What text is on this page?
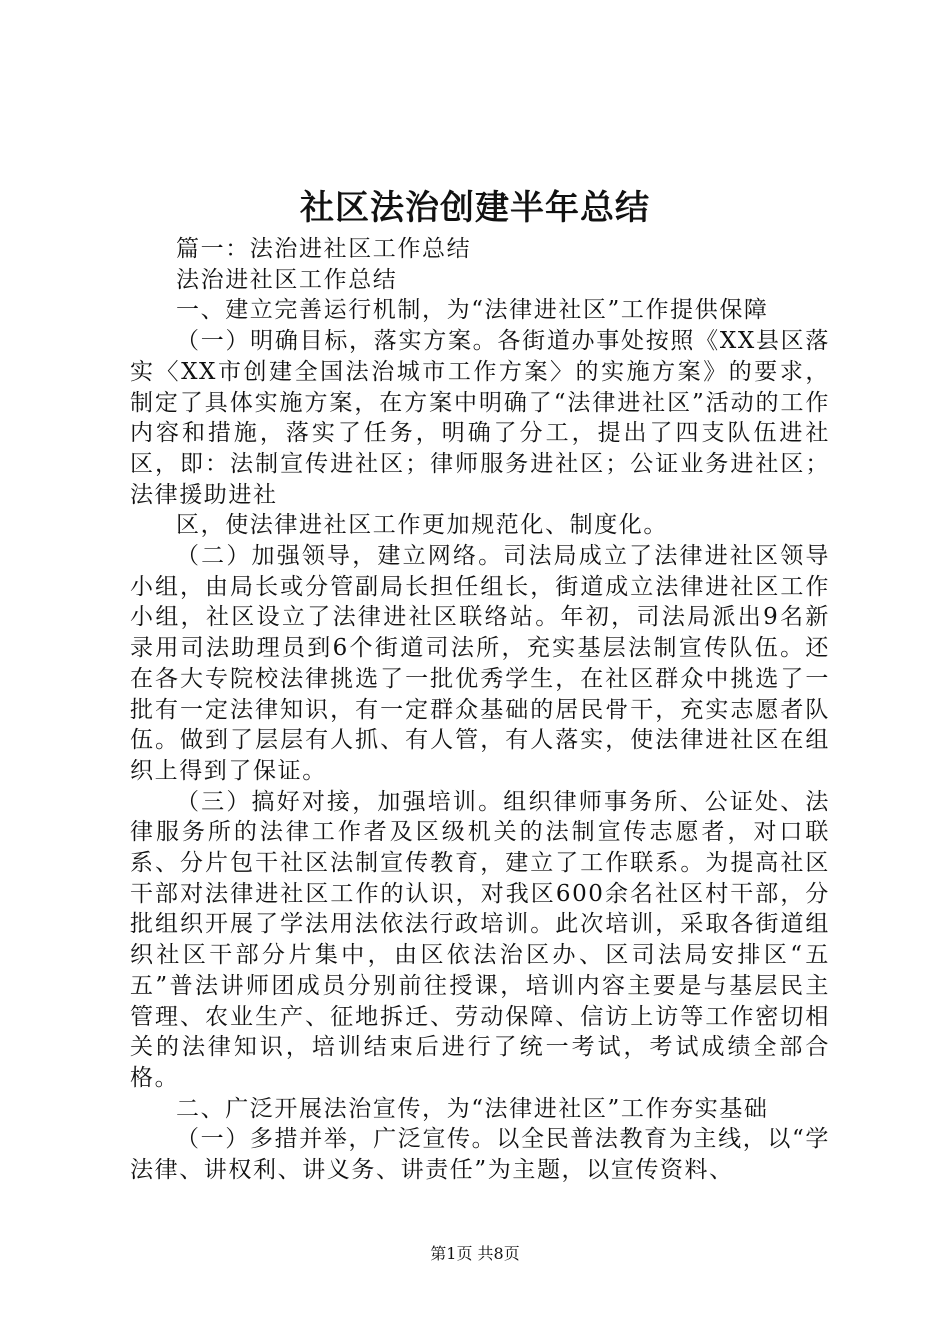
社区法治创建半年总结

篇一：法治进社区工作总结

法治进社区工作总结

一、建立完善运行机制，为“法律进社区”工作提供保障

（一）明确目标，落实方案。各街道办事处按照《XX县区落实〈XX市创建全国法治城市工作方案〉的实施方案》的要求，制定了具体实施方案，在方案中明确了“法律进社区”活动的工作内容和措施，落实了任务，明确了分工，提出了四支队伍进社区，即：法制宣传进社区；律师服务进社区；公证业务进社区；法律援助进社

区，使法律进社区工作更加规范化、制度化。

（二）加强领导，建立网络。司法局成立了法律进社区领导小组，由局长或分管副局长担任组长，街道成立法律进社区工作小组，社区设立了法律进社区联络站。年初，司法局派出9名新录用司法助理员到6个街道司法所，充实基层法制宣传队伍。还在各大专院校法律挑选了一批优秀学生，在社区群众中挑选了一批有一定法律知识，有一定群众基础的居民骨干，充实志愿者队伍。做到了层层有人抓、有人管，有人落实，使法律进社区在组织上得到了保证。

（三）搞好对接，加强培训。组织律师事务所、公证处、法律服务所的法律工作者及区级机关的法制宣传志愿者，对口联系、分片包干社区法制宣传教育，建立了工作联系。为提高社区干部对法律进社区工作的认识，对我区600余名社区村干部，分批组织开展了学法用法依法行政培训。此次培训，采取各街道组织社区干部分片集中，由区依法治区办、区司法局安排区“五五”普法讲师团成员分别前往授课，培训内容主要是与基层民主管理、农业生产、征地拆迁、劳动保障、信访上访等工作密切相关的法律知识，培训结束后进行了统一考试，考试成绩全部合格。

二、广泛开展法治宣传，为“法律进社区”工作夯实基础

（一）多措并举，广泛宣传。以全民普法教育为主线，以“学法律、讲权利、讲义务、讲责任”为主题，以宣传资料、

第1页 共8页
